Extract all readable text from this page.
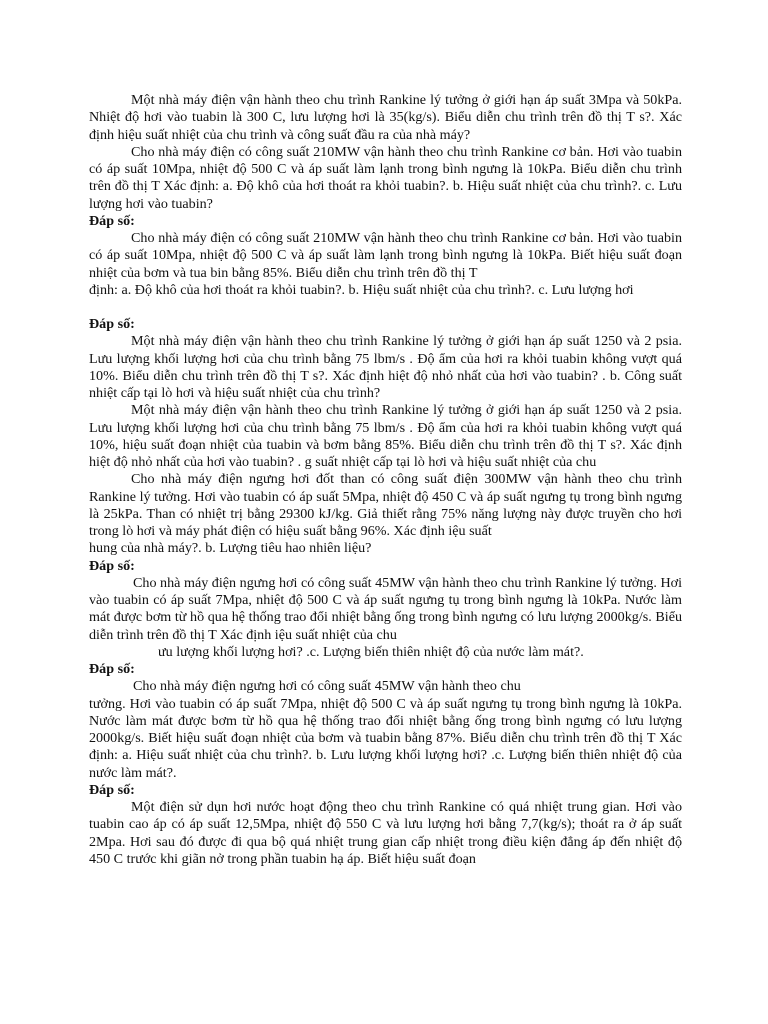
Một nhà máy điện vận hành theo chu trình Rankine lý tưởng ở giới hạn áp suất 3Mpa và 50kPa. Nhiệt độ hơi vào tuabin là 300 C, lưu lượng hơi là 35(kg/s). Biểu diễn chu trình trên đồ thị T s?. Xác định hiệu suất nhiệt của chu trình và công suất đầu ra của nhà máy?

Cho nhà máy điện có công suất 210MW vận hành theo chu trình Rankine cơ bản. Hơi vào tuabin có áp suất 10Mpa, nhiệt độ 500 C và áp suất làm lạnh trong bình ngưng là 10kPa. Biểu diễn chu trình trên đồ thị T Xác định: a. Độ khô của hơi thoát ra khỏi tuabin?. b. Hiệu suất nhiệt của chu trình?. c. Lưu lượng hơi vào tuabin?

Đáp số:

Cho nhà máy điện có công suất 210MW vận hành theo chu trình Rankine cơ bản. Hơi vào tuabin có áp suất 10Mpa, nhiệt độ 500 C và áp suất làm lạnh trong bình ngưng là 10kPa. Biết hiệu suất đoạn nhiệt của bơm và tua bin bằng 85%. Biểu diễn chu trình trên đồ thị T

định: a. Độ khô của hơi thoát ra khỏi tuabin?. b. Hiệu suất nhiệt của chu trình?. c. Lưu lượng hơi

Đáp số:

Một nhà máy điện vận hành theo chu trình Rankine lý tưởng ở giới hạn áp suất 1250 và 2 psia. Lưu lượng khối lượng hơi của chu trình bằng 75 lbm/s . Độ ẩm của hơi ra khỏi tuabin không vượt quá 10%. Biểu diễn chu trình trên đồ thị T s?. Xác định hiệt độ nhỏ nhất của hơi vào tuabin? . b. Công suất nhiệt cấp tại lò hơi và hiệu suất nhiệt của chu trình?

Một nhà máy điện vận hành theo chu trình Rankine lý tưởng ở giới hạn áp suất 1250 và 2 psia. Lưu lượng khối lượng hơi của chu trình bằng 75 lbm/s . Độ ẩm của hơi ra khỏi tuabin không vượt quá 10%, hiệu suất đoạn nhiệt của tuabin và bơm bằng 85%. Biểu diễn chu trình trên đồ thị T s?. Xác định hiệt độ nhỏ nhất của hơi vào tuabin? . g suất nhiệt cấp tại lò hơi và hiệu suất nhiệt của chu

Cho nhà máy điện ngưng hơi đốt than có công suất điện 300MW vận hành theo chu trình Rankine lý tưởng. Hơi vào tuabin có áp suất 5Mpa, nhiệt độ 450 C và áp suất ngưng tụ trong bình ngưng là 25kPa. Than có nhiệt trị bằng 29300 kJ/kg. Giả thiết rằng 75% năng lượng này được truyền cho hơi trong lò hơi và máy phát điện có hiệu suất bằng 96%. Xác định iệu suất

hung của nhà máy?. b. Lượng tiêu hao nhiên liệu?

Đáp số:

Cho nhà máy điện ngưng hơi có công suất 45MW vận hành theo chu trình Rankine lý tưởng. Hơi vào tuabin có áp suất 7Mpa, nhiệt độ 500 C và áp suất ngưng tụ trong bình ngưng là 10kPa. Nước làm mát được bơm từ hồ qua hệ thống trao đổi nhiệt bằng ống trong bình ngưng có lưu lượng 2000kg/s. Biểu diễn trình trên đồ thị T Xác định iệu suất nhiệt của chu

ưu lượng khối lượng hơi? .c. Lượng biến thiên nhiệt độ của nước làm mát?.

Đáp số:

Cho nhà máy điện ngưng hơi có công suất 45MW vận hành theo chu

tưởng. Hơi vào tuabin có áp suất 7Mpa, nhiệt độ 500 C và áp suất ngưng tụ trong bình ngưng là 10kPa. Nước làm mát được bơm từ hồ qua hệ thống trao đổi nhiệt bằng ống trong bình ngưng có lưu lượng 2000kg/s. Biết hiệu suất đoạn nhiệt của bơm và tuabin bằng 87%. Biểu diễn chu trình trên đồ thị T Xác định: a. Hiệu suất nhiệt của chu trình?. b. Lưu lượng khối lượng hơi? .c. Lượng biến thiên nhiệt độ của nước làm mát?.

Đáp số:

Một điện sử dụn hơi nước hoạt động theo chu trình Rankine có quá nhiệt trung gian. Hơi vào tuabin cao áp có áp suất 12,5Mpa, nhiệt độ 550 C và lưu lượng hơi bằng 7,7(kg/s); thoát ra ở áp suất 2Mpa. Hơi sau đó được đi qua bộ quá nhiệt trung gian cấp nhiệt trong điều kiện đẳng áp đến nhiệt độ 450 C trước khi giãn nở trong phần tuabin hạ áp. Biết hiệu suất đoạn
